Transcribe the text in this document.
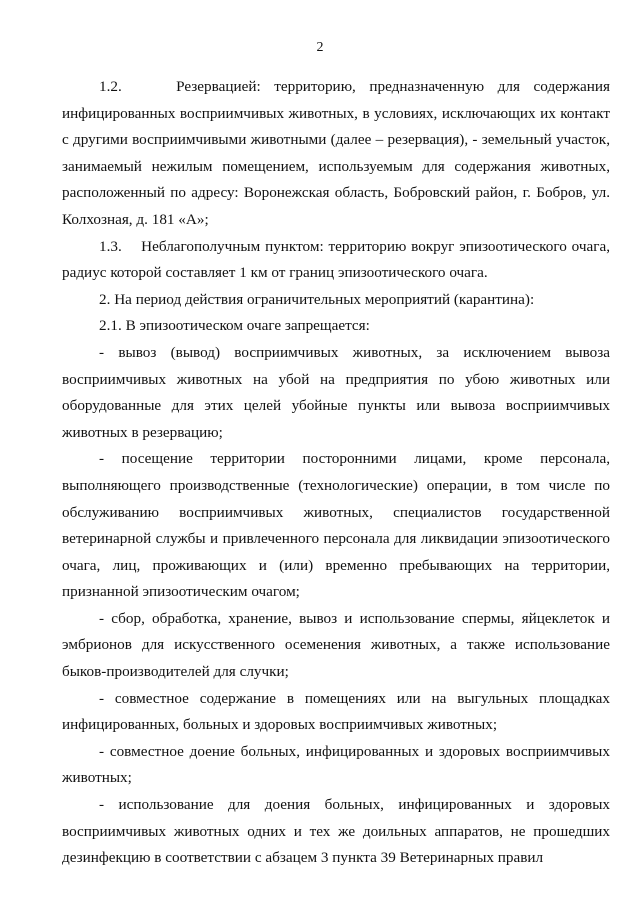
2

1.2.    Резервацией: территорию, предназначенную для содержания инфицированных восприимчивых животных, в условиях, исключающих их контакт с другими восприимчивыми животными (далее – резервация), - земельный участок, занимаемый нежилым помещением, используемым для содержания животных, расположенный по адресу: Воронежская область, Бобровский район, г. Бобров, ул. Колхозная, д. 181 «А»;

1.3.    Неблагополучным пунктом: территорию вокруг эпизоотического очага, радиус которой составляет 1 км от границ эпизоотического очага.

2. На период действия ограничительных мероприятий (карантина):

2.1. В эпизоотическом очаге запрещается:

- вывоз (вывод) восприимчивых животных, за исключением вывоза восприимчивых животных на убой на предприятия по убою животных или оборудованные для этих целей убойные пункты или вывоза восприимчивых животных в резервацию;

- посещение территории посторонними лицами, кроме персонала, выполняющего производственные (технологические) операции, в том числе по обслуживанию восприимчивых животных, специалистов государственной ветеринарной службы и привлеченного персонала для ликвидации эпизоотического очага, лиц, проживающих и (или) временно пребывающих на территории, признанной эпизоотическим очагом;

- сбор, обработка, хранение, вывоз и использование спермы, яйцеклеток и эмбрионов для искусственного осеменения животных, а также использование быков-производителей для случки;

- совместное содержание в помещениях или на выгульных площадках инфицированных, больных и здоровых восприимчивых животных;

- совместное доение больных, инфицированных и здоровых восприимчивых животных;

- использование для доения больных, инфицированных и здоровых восприимчивых животных одних и тех же доильных аппаратов, не прошедших дезинфекцию в соответствии с абзацем 3 пункта 39 Ветеринарных правил
